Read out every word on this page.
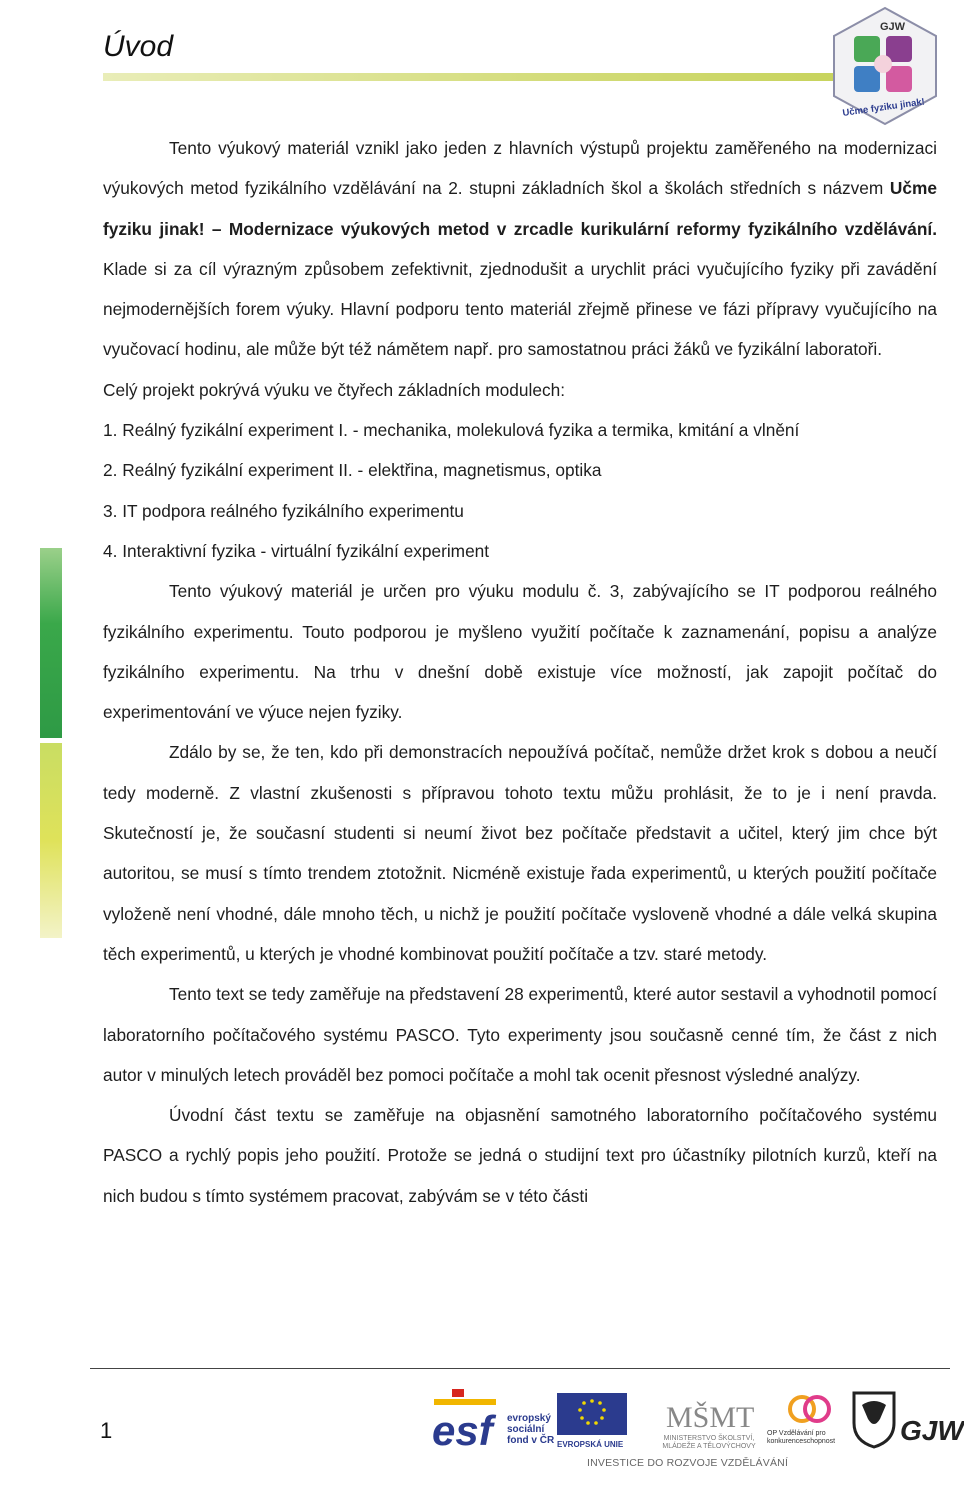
Úvod
GJW
Učme fyziku jinak!

Tento výukový materiál vznikl jako jeden z hlavních výstupů projektu zaměřeného na modernizaci výukových metod fyzikálního vzdělávání na 2. stupni základních škol a školách středních s názvem Učme fyziku jinak! – Modernizace výukových metod v zrcadle kurikulární reformy fyzikálního vzdělávání. Klade si za cíl výrazným způsobem zefektivnit, zjednodušit a urychlit práci vyučujícího fyziky při zavádění nejmodernějších forem výuky. Hlavní podporu tento materiál zřejmě přinese ve fázi přípravy vyučujícího na vyučovací hodinu, ale může být též námětem např. pro samostatnou práci žáků ve fyzikální laboratoři.

Celý projekt pokrývá výuku ve čtyřech základních modulech:

1. Reálný fyzikální experiment I. - mechanika, molekulová fyzika a termika, kmitání a vlnění

2. Reálný fyzikální experiment II. - elektřina, magnetismus, optika

3. IT podpora reálného fyzikálního experimentu

4. Interaktivní fyzika - virtuální fyzikální experiment

Tento výukový materiál je určen pro výuku modulu č. 3, zabývajícího se IT podporou reálného fyzikálního experimentu. Touto podporou je myšleno využití počítače k zaznamenání, popisu a analýze fyzikálního experimentu. Na trhu v dnešní době existuje více možností, jak zapojit počítač do experimentování ve výuce nejen fyziky.

Zdálo by se, že ten, kdo při demonstracích nepoužívá počítač, nemůže držet krok s dobou a neučí tedy moderně. Z vlastní zkušenosti s přípravou tohoto textu můžu prohlásit, že to je i není pravda. Skutečností je, že současní studenti si neumí život bez počítače představit a učitel, který jim chce být autoritou, se musí s tímto trendem ztotožnit. Nicméně existuje řada experimentů, u kterých použití počítače vyloženě není vhodné, dále mnoho těch, u nichž je použití počítače vysloveně vhodné a dále velká skupina těch experimentů, u kterých je vhodné kombinovat použití počítače a tzv. staré metody.

Tento text se tedy zaměřuje na představení 28 experimentů, které autor sestavil a vyhodnotil pomocí laboratorního počítačového systému PASCO. Tyto experimenty jsou současně cenné tím, že část z nich autor v minulých letech prováděl bez pomoci počítače a mohl tak ocenit přesnost výsledné analýzy.

Úvodní část textu se zaměřuje na objasnění samotného laboratorního počítačového systému PASCO a rychlý popis jeho použití. Protože se jedná o studijní text pro účastníky pilotních kurzů, kteří na nich budou s tímto systémem pracovat, zabývám se v této části

1	esf	evropský sociální fond v ČR EVROPSKÁ UNIE
MŠMT
MINISTERSTVO ŠKOLSTVÍ, MLÁDEŽE A TĚLOVÝCHOVY
OP Vzdělávání pro konkurenceschopnost	GJW
INVESTICE DO ROZVOJE VZDĚLÁVÁNÍ
